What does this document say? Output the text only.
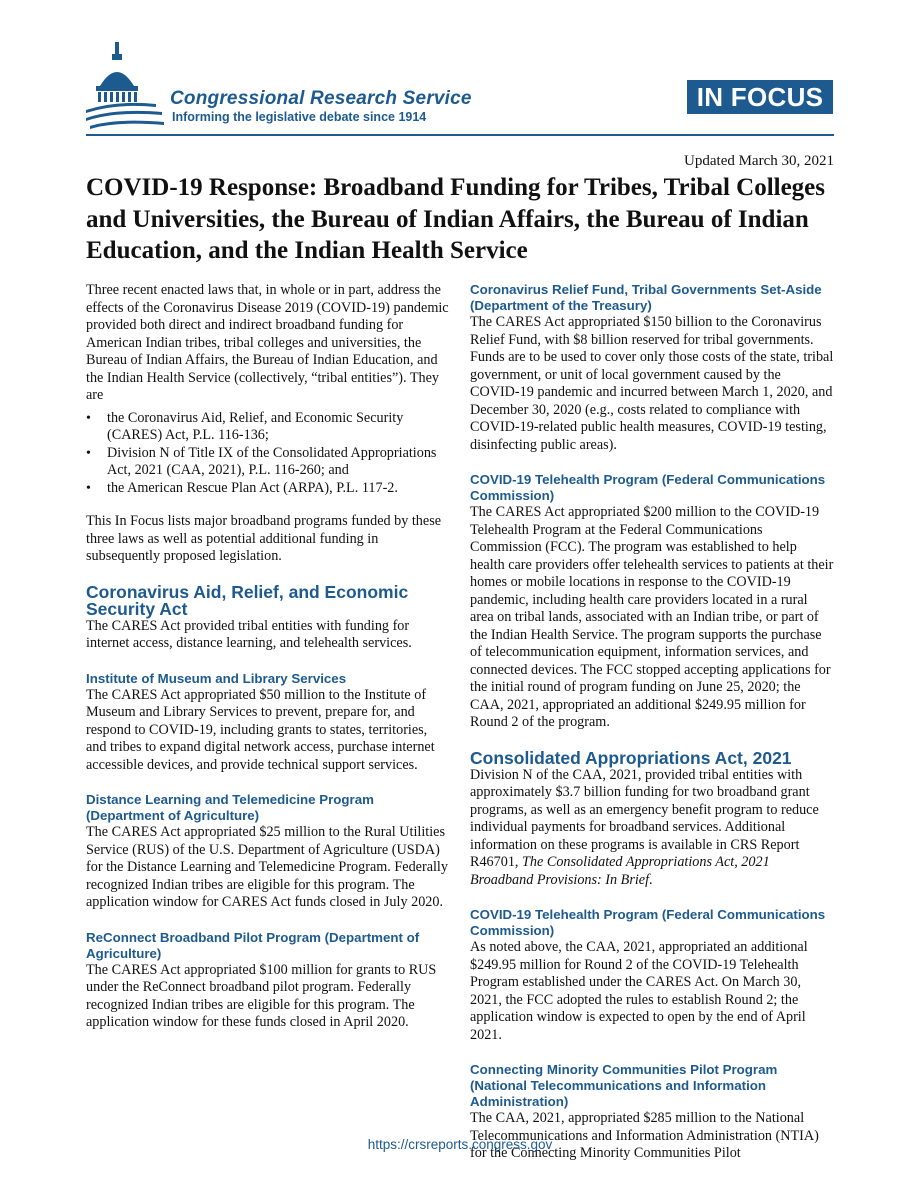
Congressional Research Service
Informing the legislative debate since 1914
IN FOCUS
Updated March 30, 2021
COVID-19 Response: Broadband Funding for Tribes, Tribal Colleges and Universities, the Bureau of Indian Affairs, the Bureau of Indian Education, and the Indian Health Service

Three recent enacted laws that, in whole or in part, address the effects of the Coronavirus Disease 2019 (COVID-19) pandemic provided both direct and indirect broadband funding for American Indian tribes, tribal colleges and universities, the Bureau of Indian Affairs, the Bureau of Indian Education, and the Indian Health Service (collectively, “tribal entities”). They are

• the Coronavirus Aid, Relief, and Economic Security (CARES) Act, P.L. 116-136;
• Division N of Title IX of the Consolidated Appropriations Act, 2021 (CAA, 2021), P.L. 116-260; and
• the American Rescue Plan Act (ARPA), P.L. 117-2.

This In Focus lists major broadband programs funded by these three laws as well as potential additional funding in subsequently proposed legislation.

Coronavirus Aid, Relief, and Economic Security Act

The CARES Act provided tribal entities with funding for internet access, distance learning, and telehealth services.

Institute of Museum and Library Services

The CARES Act appropriated $50 million to the Institute of Museum and Library Services to prevent, prepare for, and respond to COVID-19, including grants to states, territories, and tribes to expand digital network access, purchase internet accessible devices, and provide technical support services.

Distance Learning and Telemedicine Program (Department of Agriculture)

The CARES Act appropriated $25 million to the Rural Utilities Service (RUS) of the U.S. Department of Agriculture (USDA) for the Distance Learning and Telemedicine Program. Federally recognized Indian tribes are eligible for this program. The application window for CARES Act funds closed in July 2020.

ReConnect Broadband Pilot Program (Department of Agriculture)

The CARES Act appropriated $100 million for grants to RUS under the ReConnect broadband pilot program. Federally recognized Indian tribes are eligible for this program. The application window for these funds closed in April 2020.

Coronavirus Relief Fund, Tribal Governments Set-Aside (Department of the Treasury)

The CARES Act appropriated $150 billion to the Coronavirus Relief Fund, with $8 billion reserved for tribal governments. Funds are to be used to cover only those costs of the state, tribal government, or unit of local government caused by the COVID-19 pandemic and incurred between March 1, 2020, and December 30, 2020 (e.g., costs related to compliance with COVID-19-related public health measures, COVID-19 testing, disinfecting public areas).

COVID-19 Telehealth Program (Federal Communications Commission)

The CARES Act appropriated $200 million to the COVID-19 Telehealth Program at the Federal Communications Commission (FCC). The program was established to help health care providers offer telehealth services to patients at their homes or mobile locations in response to the COVID-19 pandemic, including health care providers located in a rural area on tribal lands, associated with an Indian tribe, or part of the Indian Health Service. The program supports the purchase of telecommunication equipment, information services, and connected devices. The FCC stopped accepting applications for the initial round of program funding on June 25, 2020; the CAA, 2021, appropriated an additional $249.95 million for Round 2 of the program.

Consolidated Appropriations Act, 2021

Division N of the CAA, 2021, provided tribal entities with approximately $3.7 billion funding for two broadband grant programs, as well as an emergency benefit program to reduce individual payments for broadband services. Additional information on these programs is available in CRS Report R46701, The Consolidated Appropriations Act, 2021 Broadband Provisions: In Brief.

COVID-19 Telehealth Program (Federal Communications Commission)

As noted above, the CAA, 2021, appropriated an additional $249.95 million for Round 2 of the COVID-19 Telehealth Program established under the CARES Act. On March 30, 2021, the FCC adopted the rules to establish Round 2; the application window is expected to open by the end of April 2021.

Connecting Minority Communities Pilot Program (National Telecommunications and Information Administration)

The CAA, 2021, appropriated $285 million to the National Telecommunications and Information Administration (NTIA) for the Connecting Minority Communities Pilot

https://crsreports.congress.gov
